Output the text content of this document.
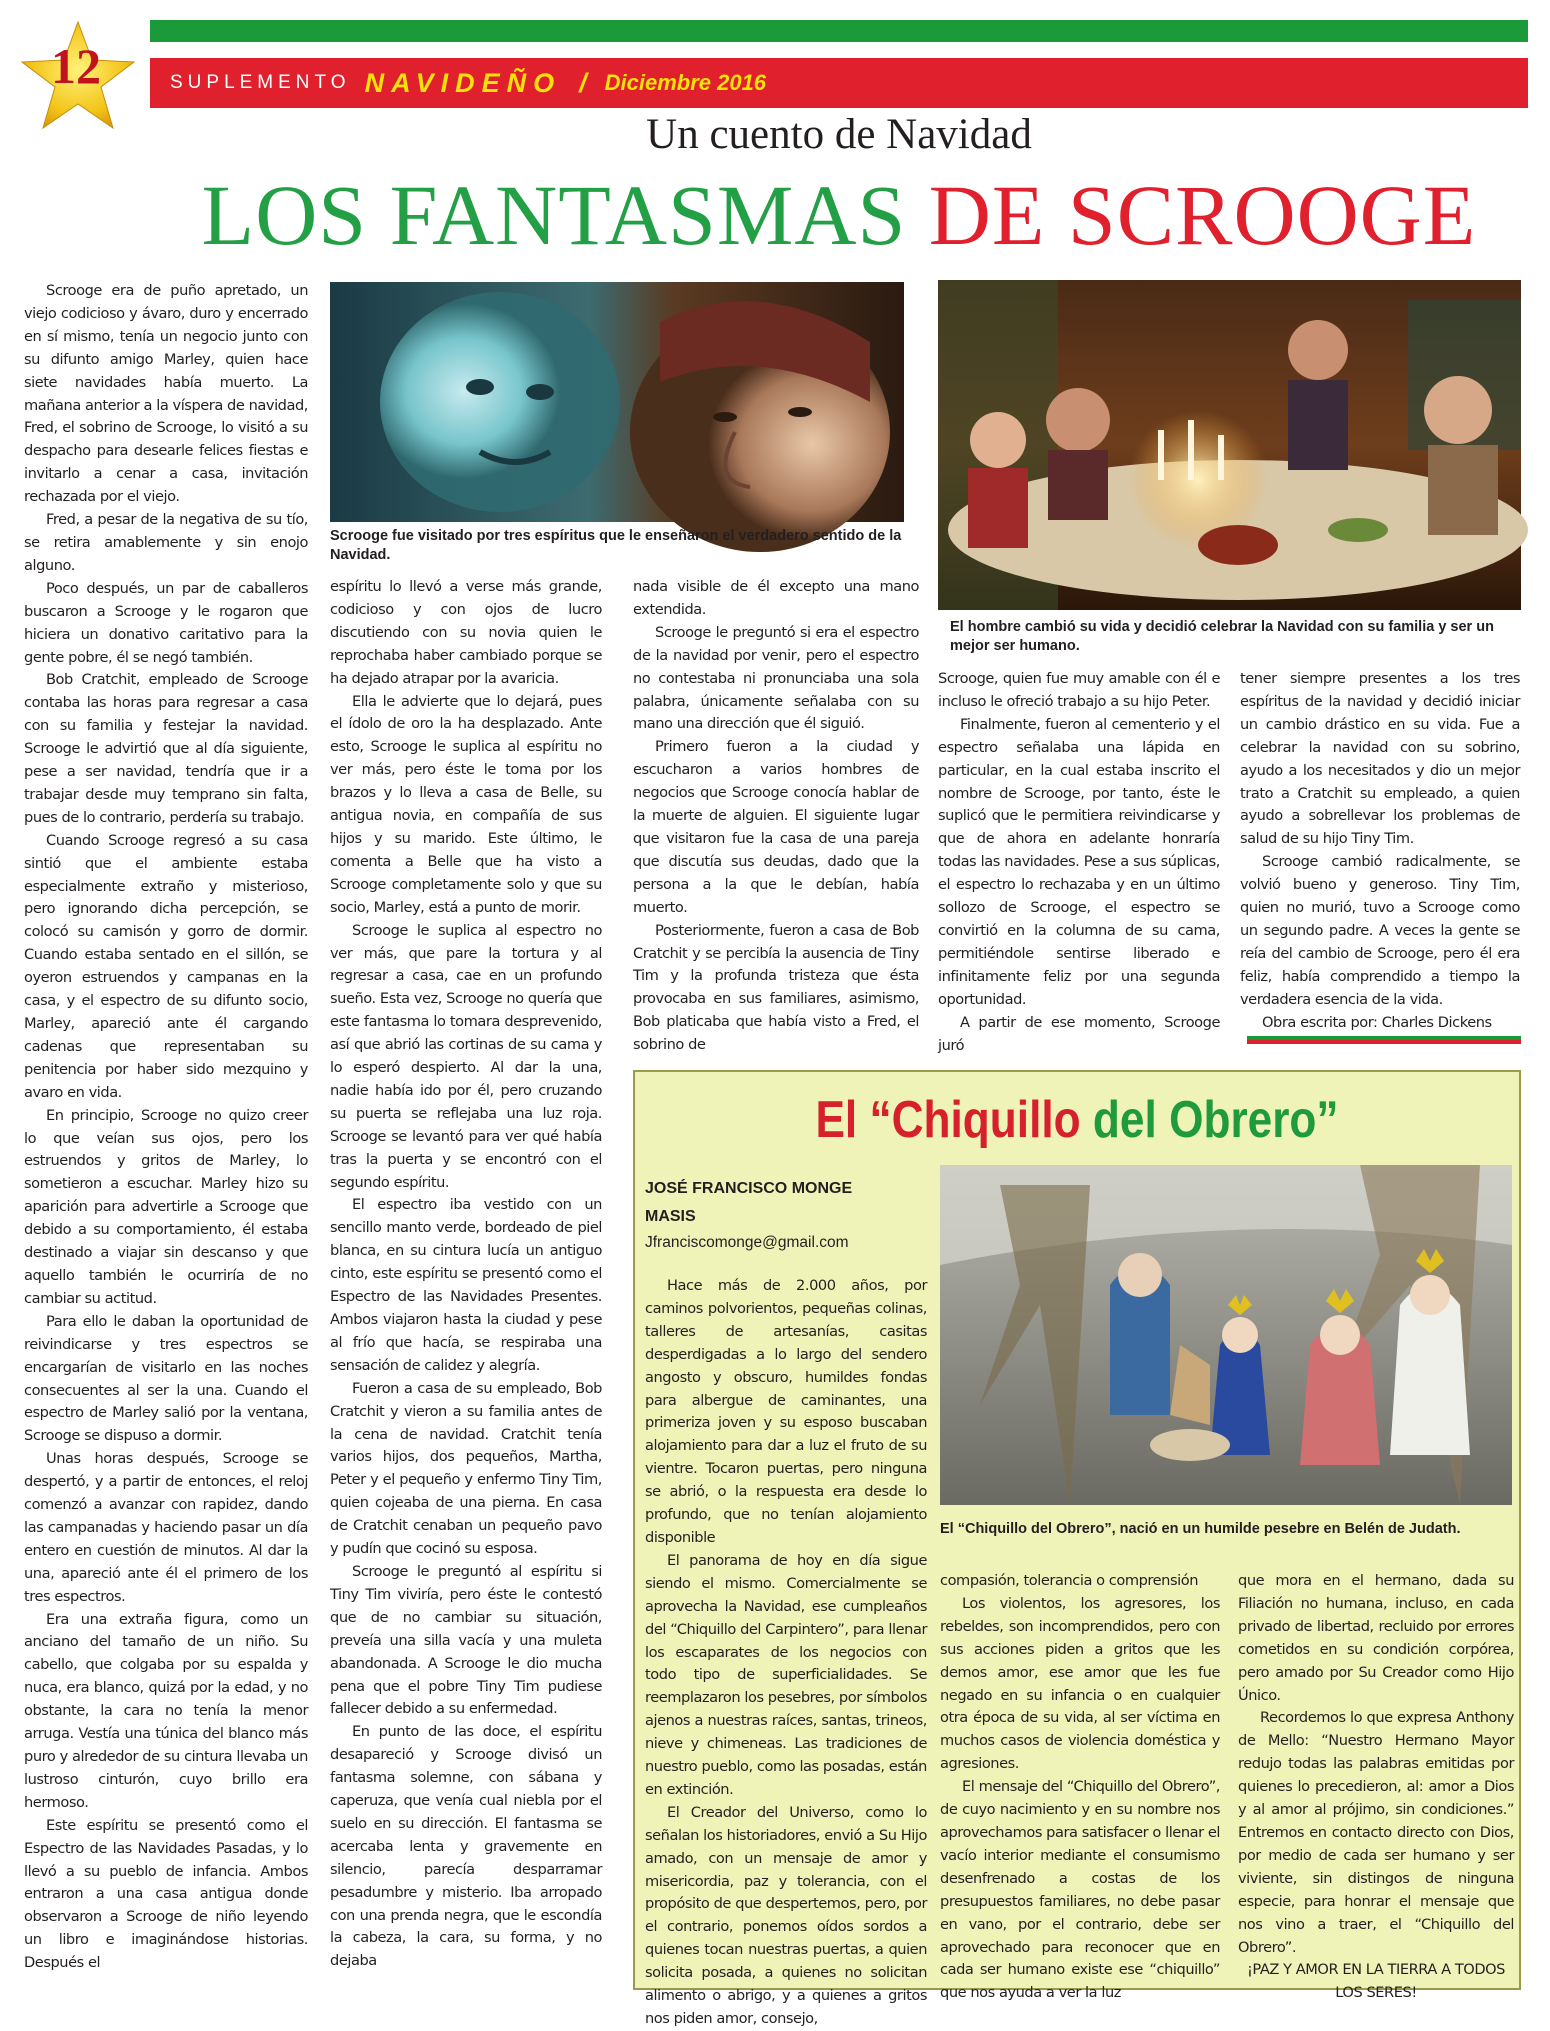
SUPLEMENTO NAVIDEÑO / Diciembre 2016
12
Un cuento de Navidad
LOS FANTASMAS DE SCROOGE

Scrooge era de puño apretado, un viejo codicioso y ávaro, duro y encerrado en sí mismo, tenía un negocio junto con su difunto amigo Marley, quien hace siete navidades había muerto. La mañana anterior a la víspera de navidad, Fred, el sobrino de Scrooge, lo visitó a su despacho para desearle felices fiestas e invitarlo a cenar a casa, invitación rechazada por el viejo.

Fred, a pesar de la negativa de su tío, se retira amablemente y sin enojo alguno.

Poco después, un par de caballeros buscaron a Scrooge y le rogaron que hiciera un donativo caritativo para la gente pobre, él se negó también.

Bob Cratchit, empleado de Scrooge contaba las horas para regresar a casa con su familia y festejar la navidad. Scrooge le advirtió que al día siguiente, pese a ser navidad, tendría que ir a trabajar desde muy temprano sin falta, pues de lo contrario, perdería su trabajo.

Cuando Scrooge regresó a su casa sintió que el ambiente estaba especialmente extraño y misterioso, pero ignorando dicha percepción, se colocó su camisón y gorro de dormir. Cuando estaba sentado en el sillón, se oyeron estruendos y campanas en la casa, y el espectro de su difunto socio, Marley, apareció ante él cargando cadenas que representaban su penitencia por haber sido mezquino y avaro en vida.

En principio, Scrooge no quizo creer lo que veían sus ojos, pero los estruendos y gritos de Marley, lo sometieron a escuchar. Marley hizo su aparición para advertirle a Scrooge que debido a su comportamiento, él estaba destinado a viajar sin descanso y que aquello también le ocurriría de no cambiar su actitud.

Para ello le daban la oportunidad de reivindicarse y tres espectros se encargarían de visitarlo en las noches consecuentes al ser la una. Cuando el espectro de Marley salió por la ventana, Scrooge se dispuso a dormir.

Unas horas después, Scrooge se despertó, y a partir de entonces, el reloj comenzó a avanzar con rapidez, dando las campanadas y haciendo pasar un día entero en cuestión de minutos. Al dar la una, apareció ante él el primero de los tres espectros.

Era una extraña figura, como un anciano del tamaño de un niño. Su cabello, que colgaba por su espalda y nuca, era blanco, quizá por la edad, y no obstante, la cara no tenía la menor arruga. Vestía una túnica del blanco más puro y alrededor de su cintura llevaba un lustroso cinturón, cuyo brillo era hermoso.

Este espíritu se presentó como el Espectro de las Navidades Pasadas, y lo llevó a su pueblo de infancia. Ambos entraron a una casa antigua donde observaron a Scrooge de niño leyendo un libro e imaginándose historias. Después el

Scrooge fue visitado por tres espíritus que le enseñaron el verdadero sentido de la Navidad.
El hombre cambió su vida y decidió celebrar la Navidad con su familia y ser un mejor ser humano.

espíritu lo llevó a verse más grande, codicioso y con ojos de lucro discutiendo con su novia quien le reprochaba haber cambiado porque se ha dejado atrapar por la avaricia.

Ella le advierte que lo dejará, pues el ídolo de oro la ha desplazado. Ante esto, Scrooge le suplica al espíritu no ver más, pero éste le toma por los brazos y lo lleva a casa de Belle, su antigua novia, en compañía de sus hijos y su marido. Este último, le comenta a Belle que ha visto a Scrooge completamente solo y que su socio, Marley, está a punto de morir.

Scrooge le suplica al espectro no ver más, que pare la tortura y al regresar a casa, cae en un profundo sueño. Esta vez, Scrooge no quería que este fantasma lo tomara desprevenido, así que abrió las cortinas de su cama y lo esperó despierto. Al dar la una, nadie había ido por él, pero cruzando su puerta se reflejaba una luz roja. Scrooge se levantó para ver qué había tras la puerta y se encontró con el segundo espíritu.

El espectro iba vestido con un sencillo manto verde, bordeado de piel blanca, en su cintura lucía un antiguo cinto, este espíritu se presentó como el Espectro de las Navidades Presentes. Ambos viajaron hasta la ciudad y pese al frío que hacía, se respiraba una sensación de calidez y alegría.

Fueron a casa de su empleado, Bob Cratchit y vieron a su familia antes de la cena de navidad. Cratchit tenía varios hijos, dos pequeños, Martha, Peter y el pequeño y enfermo Tiny Tim, quien cojeaba de una pierna. En casa de Cratchit cenaban un pequeño pavo y pudín que cocinó su esposa.

Scrooge le preguntó al espíritu si Tiny Tim viviría, pero éste le contestó que de no cambiar su situación, preveía una silla vacía y una muleta abandonada. A Scrooge le dio mucha pena que el pobre Tiny Tim pudiese fallecer debido a su enfermedad.

En punto de las doce, el espíritu desapareció y Scrooge divisó un fantasma solemne, con sábana y caperuza, que venía cual niebla por el suelo en su dirección. El fantasma se acercaba lenta y gravemente en silencio, parecía desparramar pesadumbre y misterio. Iba arropado con una prenda negra, que le escondía la cabeza, la cara, su forma, y no dejaba

nada visible de él excepto una mano extendida.

Scrooge le preguntó si era el espectro de la navidad por venir, pero el espectro no contestaba ni pronunciaba una sola palabra, únicamente señalaba con su mano una dirección que él siguió.

Primero fueron a la ciudad y escucharon a varios hombres de negocios que Scrooge conocía hablar de la muerte de alguien. El siguiente lugar que visitaron fue la casa de una pareja que discutía sus deudas, dado que la persona a la que le debían, había muerto.

Posteriormente, fueron a casa de Bob Cratchit y se percibía la ausencia de Tiny Tim y la profunda tristeza que ésta provocaba en sus familiares, asimismo, Bob platicaba que había visto a Fred, el sobrino de

Scrooge, quien fue muy amable con él e incluso le ofreció trabajo a su hijo Peter.

Finalmente, fueron al cementerio y el espectro señalaba una lápida en particular, en la cual estaba inscrito el nombre de Scrooge, por tanto, éste le suplicó que le permitiera reivindicarse y que de ahora en adelante honraría todas las navidades. Pese a sus súplicas, el espectro lo rechazaba y en un último sollozo de Scrooge, el espectro se convirtió en la columna de su cama, permitiéndole sentirse liberado e infinitamente feliz por una segunda oportunidad.

A partir de ese momento, Scrooge juró

tener siempre presentes a los tres espíritus de la navidad y decidió iniciar un cambio drástico en su vida. Fue a celebrar la navidad con su sobrino, ayudo a los necesitados y dio un mejor trato a Cratchit su empleado, a quien ayudo a sobrellevar los problemas de salud de su hijo Tiny Tim.

Scrooge cambió radicalmente, se volvió bueno y generoso. Tiny Tim, quien no murió, tuvo a Scrooge como un segundo padre. A veces la gente se reía del cambio de Scrooge, pero él era feliz, había comprendido a tiempo la verdadera esencia de la vida.

Obra escrita por: Charles Dickens

El “Chiquillo del Obrero”
JOSÉ FRANCISCO MONGE MASIS
Jfranciscomonge@gmail.com
El “Chiquillo del Obrero”, nació en un humilde pesebre en Belén de Judath.

Hace más de 2.000 años, por caminos polvorientos, pequeñas colinas, talleres de artesanías, casitas desperdigadas a lo largo del sendero angosto y obscuro, humildes fondas para albergue de caminantes, una primeriza joven y su esposo buscaban alojamiento para dar a luz el fruto de su vientre. Tocaron puertas, pero ninguna se abrió, o la respuesta era desde lo profundo, que no tenían alojamiento disponible

El panorama de hoy en día sigue siendo el mismo. Comercialmente se aprovecha la Navidad, ese cumpleaños del “Chiquillo del Carpintero”, para llenar los escaparates de los negocios con todo tipo de superficialidades. Se reemplazaron los pesebres, por símbolos ajenos a nuestras raíces, santas, trineos, nieve y chimeneas. Las tradiciones de nuestro pueblo, como las posadas, están en extinción.

El Creador del Universo, como lo señalan los historiadores, envió a Su Hijo amado, con un mensaje de amor y misericordia, paz y tolerancia, con el propósito de que despertemos, pero, por el contrario, ponemos oídos sordos a quienes tocan nuestras puertas, a quien solicita posada, a quienes no solicitan alimento o abrigo, y a quienes a gritos nos piden amor, consejo,

compasión, tolerancia o comprensión

Los violentos, los agresores, los rebeldes, son incomprendidos, pero con sus acciones piden a gritos que les demos amor, ese amor que les fue negado en su infancia o en cualquier otra época de su vida, al ser víctima en muchos casos de violencia doméstica y agresiones.

El mensaje del “Chiquillo del Obrero”, de cuyo nacimiento y en su nombre nos aprovechamos para satisfacer o llenar el vacío interior mediante el consumismo desenfrenado a costas de los presupuestos familiares, no debe pasar en vano, por el contrario, debe ser aprovechado para reconocer que en cada ser humano existe ese “chiquillo” que nos ayuda a ver la luz

que mora en el hermano, dada su Filiación no humana, incluso, en cada privado de libertad, recluido por errores cometidos en su condición corpórea, pero amado por Su Creador como Hijo Único.

Recordemos lo que expresa Anthony de Mello: “Nuestro Hermano Mayor redujo todas las palabras emitidas por quienes lo precedieron, al: amor a Dios y al amor al prójimo, sin condiciones.” Entremos en contacto directo con Dios, por medio de cada ser humano y ser viviente, sin distingos de ninguna especie, para honrar el mensaje que nos vino a traer, el “Chiquillo del Obrero”.

¡PAZ Y AMOR EN LA TIERRA A TODOS LOS SERES!
